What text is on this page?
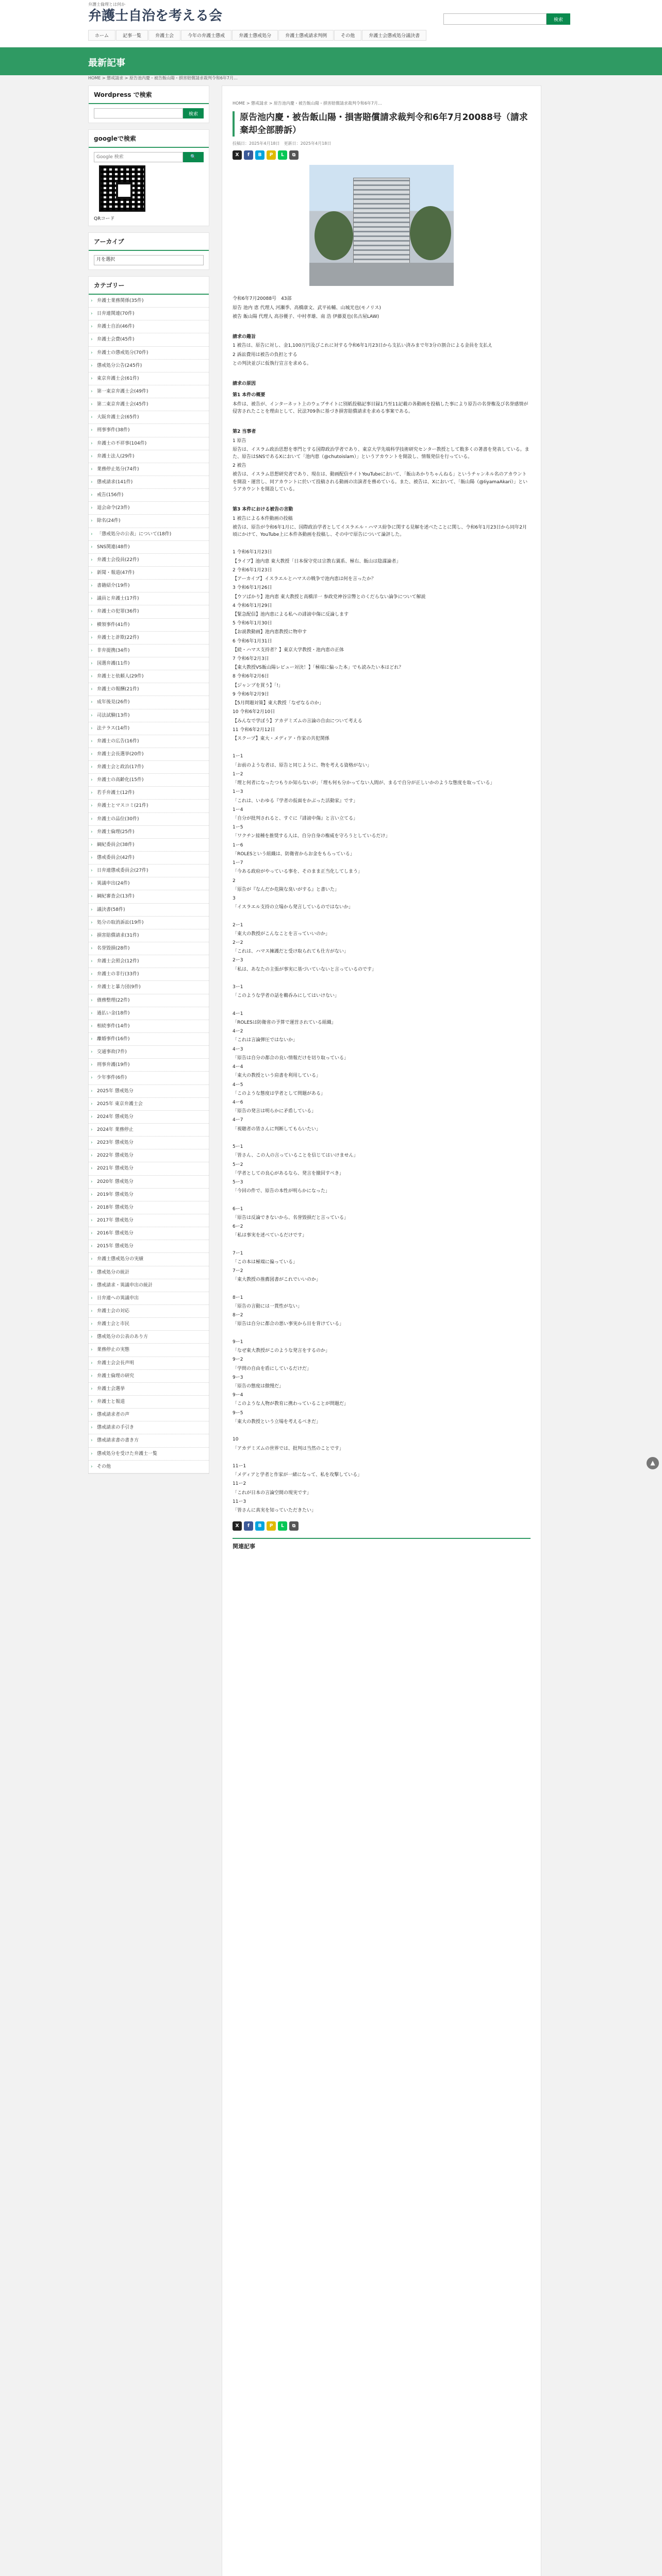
弁護士倫理とは何か
弁護士自治を考える会	検索
ホーム	記事一覧	弁護士会	今年の弁護士懲戒	弁護士懲戒処分	弁護士懲戒請求判例	その他	弁護士会懲戒処分議決書
最新記事
HOME > 懲戒請求 > 原告池内慶・被告飯山陽・損害賠償請求裁判令和6年7月…
Wordpress で検索
検索
googleで検索
Google 検索
🔍
QRコード
アーカイブ
月を選択
カテゴリー
› 弁護士業務関係(35件)
› 日弁連関連(70件)
› 弁護士自治(46件)
› 弁護士会費(45件)
› 弁護士の懲戒処分(70件)
› 懲戒処分公告(245件)
› 東京弁護士会(61件)
› 第一東京弁護士会(49件)
› 第二東京弁護士会(45件)
› 大阪弁護士会(65件)
› 刑事事件(38件)
› 弁護士の不祥事(104件)
› 弁護士法人(29件)
› 業務停止処分(74件)
› 懲戒請求(141件)
› 戒告(156件)
› 退会命令(23件)
› 除名(24件)
› 「懲戒処分の公表」について(18件)
› SNS関連(48件)
› 弁護士会役員(22件)
› 新聞・報道(47件)
› 書籍紹介(19件)
› 議員と弁護士(17件)
› 弁護士の犯罪(36件)
› 横領事件(41件)
› 弁護士と詐欺(22件)
› 非弁提携(34件)
› 国選弁護(11件)
› 弁護士と依頼人(29件)
› 弁護士の報酬(21件)
› 成年後見(26件)
› 司法試験(13件)
› 法テラス(14件)
› 弁護士の広告(16件)
› 弁護士会長選挙(20件)
› 弁護士会と政治(17件)
› 弁護士の高齢化(15件)
› 若手弁護士(12件)
› 弁護士とマスコミ(21件)
› 弁護士の品位(30件)
› 弁護士倫理(25件)
› 綱紀委員会(38件)
› 懲戒委員会(42件)
› 日弁連懲戒委員会(27件)
› 異議申出(24件)
› 綱紀審査会(13件)
› 議決書(58件)
› 処分の取消訴訟(19件)
› 損害賠償請求(31件)
› 名誉毀損(28件)
› 弁護士会照会(12件)
› 弁護士の非行(33件)
› 弁護士と暴力団(9件)
› 債務整理(22件)
› 過払い金(18件)
› 相続事件(14件)
› 離婚事件(16件)
› 交通事故(7件)
› 刑事弁護(19件)
› 少年事件(6件)
› 2025年 懲戒処分
› 2025年 東京弁護士会
› 2024年 懲戒処分
› 2024年 業務停止
› 2023年 懲戒処分
› 2022年 懲戒処分
› 2021年 懲戒処分
› 2020年 懲戒処分
› 2019年 懲戒処分
› 2018年 懲戒処分
› 2017年 懲戒処分
› 2016年 懲戒処分
› 2015年 懲戒処分
› 弁護士懲戒処分の実績
› 懲戒処分の統計
› 懲戒請求・異議申出の統計
› 日弁連への異議申出
› 弁護士会の対応
› 弁護士会と市民
› 懲戒処分の公表のあり方
› 業務停止の実態
› 弁護士会会長声明
› 弁護士倫理の研究
› 弁護士会選挙
› 弁護士と報道
› 懲戒請求者の声
› 懲戒請求の手引き
› 懲戒請求書の書き方
› 懲戒処分を受けた弁護士一覧
› その他
HOME > 懲戒請求 > 原告池内慶・被告飯山陽・損害賠償請求裁判令和6年7月…
原告池内慶・被告飯山陽・損害賠償請求裁判令和6年7月20088号（請求棄却全部勝訴）
投稿日：2025年4月18日　更新日：2025年4月18日
X	f	B	P	L	⧉

令和6年7月20088号　43部

原告 池内 恵 代理人 河瀬季、高橋康文、武平祐輔、山城光也(モノリス)

被告 飯山陽 代理人 高谷優子、中村孝雄、南 浩 伊藤夏也(名古屋LAW)

請求の趣旨

1 被告は、原告に対し、金1,100万円及びこれに対する令和6年1月23日から支払い済みまで年3分の割合による金員を支払え

2 訴訟費用は被告の負担とする

との判決並びに仮執行宣言を求める。

請求の原因

第1 本件の概要

本件は、被告が、インターネット上のウェブサイトに別紙投稿記事目録1乃至11記載の各動画を投稿した事により原告の名誉権及び名誉感情が侵害されたことを理由として、民法709条に基づき損害賠償請求を求める事案である。

第2 当事者

1 原告

原告は、イスラム政治思想を専門とする国際政治学者であり、東京大学先端科学技術研究センター教授として数多くの著書を発表している。また、原告はSNSであるXにおいて「池内恵（@chutoislam）」というアカウントを開設し、情報発信を行っている。

2 被告

被告は、イスラム思想研究者であり、現在は、動画配信サイトYouTubeにおいて、「飯山あかりちゃんねる」というチャンネル名のアカウントを開設・運営し、同アカウントに於いて投稿される動画の出演者を務めている。また、被告は、Xにおいて、「飯山陽（@IiyamaAkari）」というアカウントを開設している。

第3 本件における被告の言動

1 被告による本件動画の投稿

被告は、原告が令和6年1月に、国際政治学者としてイスラエル・ハマス紛争に関する見解を述べたことに関し、令和6年1月23日から同年2月頃にかけて、YouTube上に本件各動画を投稿し、その中で原告について論評した。

1 令和6年1月23日

【ライブ】池内恵 東大教授「日本保守党は宗教右翼系、極右、飯山は陰謀論者」

2 令和6年1月23日

【アーカイブ】イスラエルとハマスの戦争で池内恵は何を言ったか？

3 令和6年1月26日

【ウソばかり】池内恵 東大教授と高橋洋一 参政党神谷宗幣とのくだらない論争について解説

4 令和6年1月29日

【緊急配信】池内恵による私への誹謗中傷に反論します

5 令和6年1月30日

【お説教動画】池内恵教授に物申す

6 令和6年1月31日

【続・ハマス支持者？】東京大学教授・池内恵の正体

7 令和6年2月3日

【東大教授VS飯山陽レビュー対決！】「極端に偏った本」でも読みたい本はどれ？

8 令和6年2月6日

【ジャンプを買う】「!」

9 令和6年2月9日

【5月問題対策】東大教授「なぜなるのか」

10 令和6年2月10日

【みんなで学ぼう】アカデミズムの言論の自由について考える

11 令和6年2月12日

【スクープ】東大・メディア・作家の共犯関係

1ー1

「お前のような者は、原告と同じように、物を考える資格がない」

1ー2

「理と何者になったつもりか知らないが」「理も何も分かってない人間が、まるで自分が正しいかのような態度を取っている」

1ー3

「これは、いわゆる『学者の仮面をかぶった活動家』です」

1ー4

「自分が批判されると、すぐに『誹謗中傷』と言い立てる」

1ー5

「ワクチン接種を推奨する人は、自分自身の権威を守ろうとしているだけ」

1ー6

「ROLESという組織は、防衛省からお金をもらっている」

1ー7

「今ある政府がやっている事を、そのまま正当化してしまう」

2

「原告が『なんだか危険な臭いがする』と書いた」

3

「イスラエル支持の立場から発言しているのではないか」

2ー1

「東大の教授がこんなことを言っていいのか」

2ー2

「これは、ハマス擁護だと受け取られても仕方がない」

2ー3

「私は、あなたの主張が事実に基づいていないと言っているのです」

3ー1

「このような学者の話を鵜呑みにしてはいけない」

4ー1

「ROLESは防衛省の予算で運営されている組織」

4ー2

「これは言論弾圧ではないか」

4ー3

「原告は自分の都合の良い情報だけを切り取っている」

4ー4

「東大の教授という肩書を利用している」

4ー5

「このような態度は学者として問題がある」

4ー6

「原告の発言は明らかに矛盾している」

4ー7

「視聴者の皆さんに判断してもらいたい」

5ー1

「皆さん、この人の言っていることを信じてはいけません」

5ー2

「学者としての良心があるなら、発言を撤回すべき」

5ー3

「今回の件で、原告の本性が明らかになった」

6ー1

「原告は反論できないから、名誉毀損だと言っている」

6ー2

「私は事実を述べているだけです」

7ー1

「この本は極端に偏っている」

7ー2

「東大教授の推薦図書がこれでいいのか」

8ー1

「原告の言動には一貫性がない」

8ー2

「原告は自分に都合の悪い事実から目を背けている」

9ー1

「なぜ東大教授がこのような発言をするのか」

9ー2

「学問の自由を盾にしているだけだ」

9ー3

「原告の態度は傲慢だ」

9ー4

「このような人物が教育に携わっていることが問題だ」

9ー5

「東大の教授という立場を考えるべきだ」

10

「アカデミズムの世界では、批判は当然のことです」

11ー1

「メディアと学者と作家が一緒になって、私を攻撃している」

11ー2

「これが日本の言論空間の現実です」

11ー3

「皆さんに真実を知っていただきたい」

X	f	B	P	L	⧉
関連記事
▲
